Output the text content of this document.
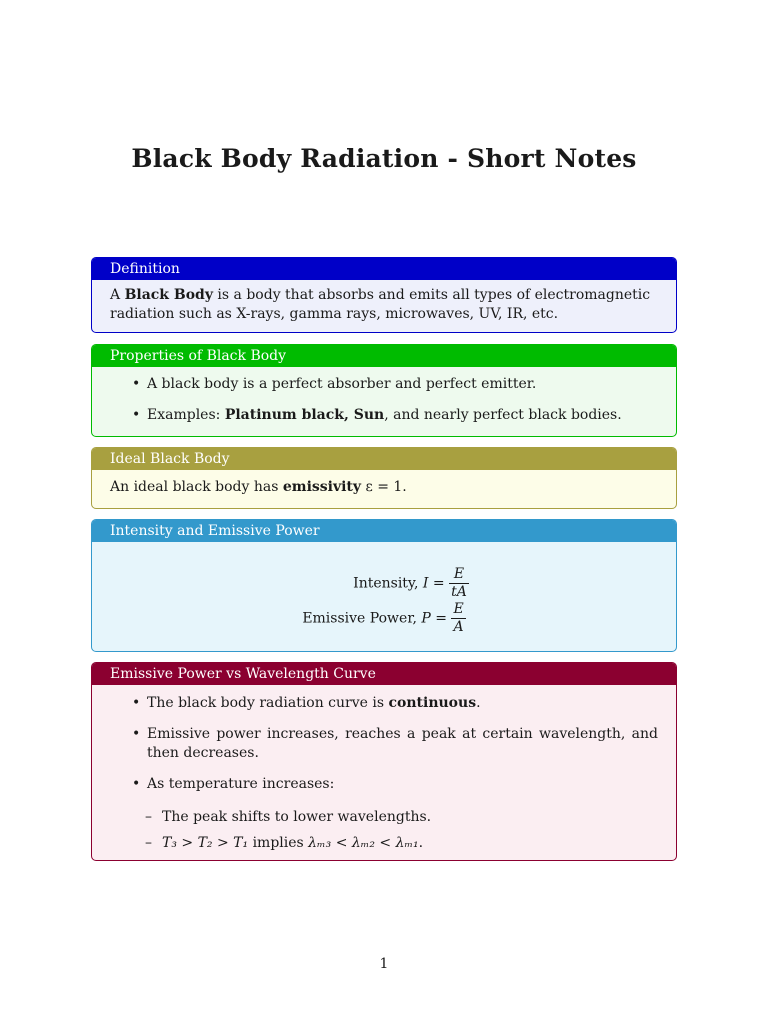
Black Body Radiation - Short Notes
Definition
A Black Body is a body that absorbs and emits all types of electromagnetic radiation such as X-rays, gamma rays, microwaves, UV, IR, etc.
Properties of Black Body
• A black body is a perfect absorber and perfect emitter.
• Examples: Platinum black, Sun, and nearly perfect black bodies.
Ideal Black Body
An ideal black body has emissivity ε = 1.
Intensity and Emissive Power
Intensity, $I = \frac{E}{tA}$
Emissive Power, $P = \frac{E}{A}$
Emissive Power vs Wavelength Curve
• The black body radiation curve is continuous.
• Emissive power increases, reaches a peak at certain wavelength, and then decreases.
• As temperature increases:
– The peak shifts to lower wavelengths.
– T₃ > T₂ > T₁ implies λₘ₃ < λₘ₂ < λₘ₁.
1
